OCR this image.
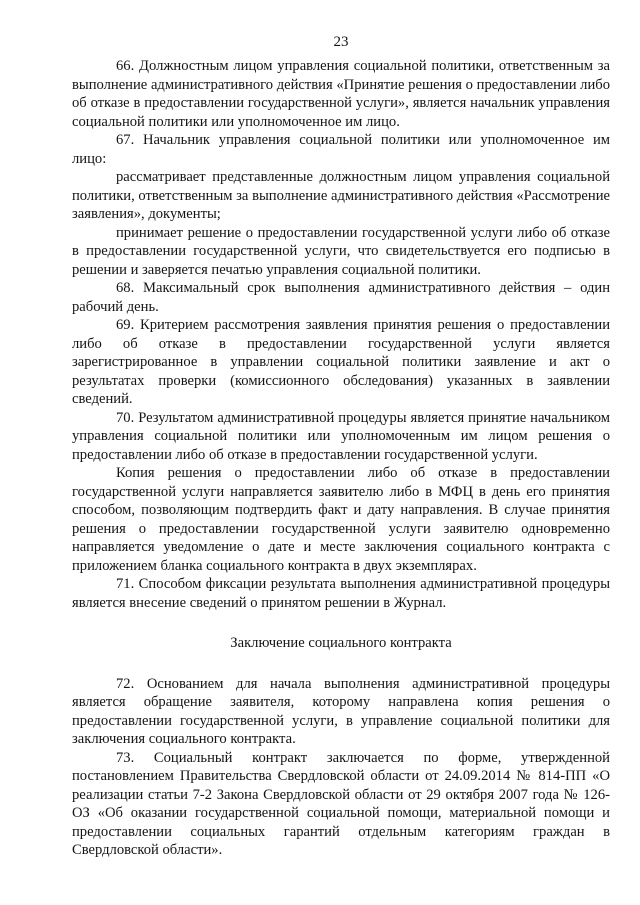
23

66. Должностным лицом управления социальной политики, ответственным за выполнение административного действия «Принятие решения о предоставлении либо об отказе в предоставлении государственной услуги», является начальник управления социальной политики или уполномоченное им лицо.

67. Начальник управления социальной политики или уполномоченное им лицо:

рассматривает представленные должностным лицом управления социальной политики, ответственным за выполнение административного действия «Рассмотрение заявления», документы;

принимает решение о предоставлении государственной услуги либо об отказе в предоставлении государственной услуги, что свидетельствуется его подписью в решении и заверяется печатью управления социальной политики.

68. Максимальный срок выполнения административного действия – один рабочий день.

69. Критерием рассмотрения заявления принятия решения о предоставлении либо об отказе в предоставлении государственной услуги является зарегистрированное в управлении социальной политики заявление и акт о результатах проверки (комиссионного обследования) указанных в заявлении сведений.

70. Результатом административной процедуры является принятие начальником управления социальной политики или уполномоченным им лицом решения о предоставлении либо об отказе в предоставлении государственной услуги.

Копия решения о предоставлении либо об отказе в предоставлении государственной услуги направляется заявителю либо в МФЦ в день его принятия способом, позволяющим подтвердить факт и дату направления. В случае принятия решения о предоставлении государственной услуги заявителю одновременно направляется уведомление о дате и месте заключения социального контракта с приложением бланка социального контракта в двух экземплярах.

71. Способом фиксации результата выполнения административной процедуры является внесение сведений о принятом решении в Журнал.

Заключение социального контракта

72. Основанием для начала выполнения административной процедуры является обращение заявителя, которому направлена копия решения о предоставлении государственной услуги, в управление социальной политики для заключения социального контракта.

73. Социальный контракт заключается по форме, утвержденной постановлением Правительства Свердловской области от 24.09.2014 № 814-ПП «О реализации статьи 7-2 Закона Свердловской области от 29 октября 2007 года № 126-ОЗ «Об оказании государственной социальной помощи, материальной помощи и предоставлении социальных гарантий отдельным категориям граждан в Свердловской области».
